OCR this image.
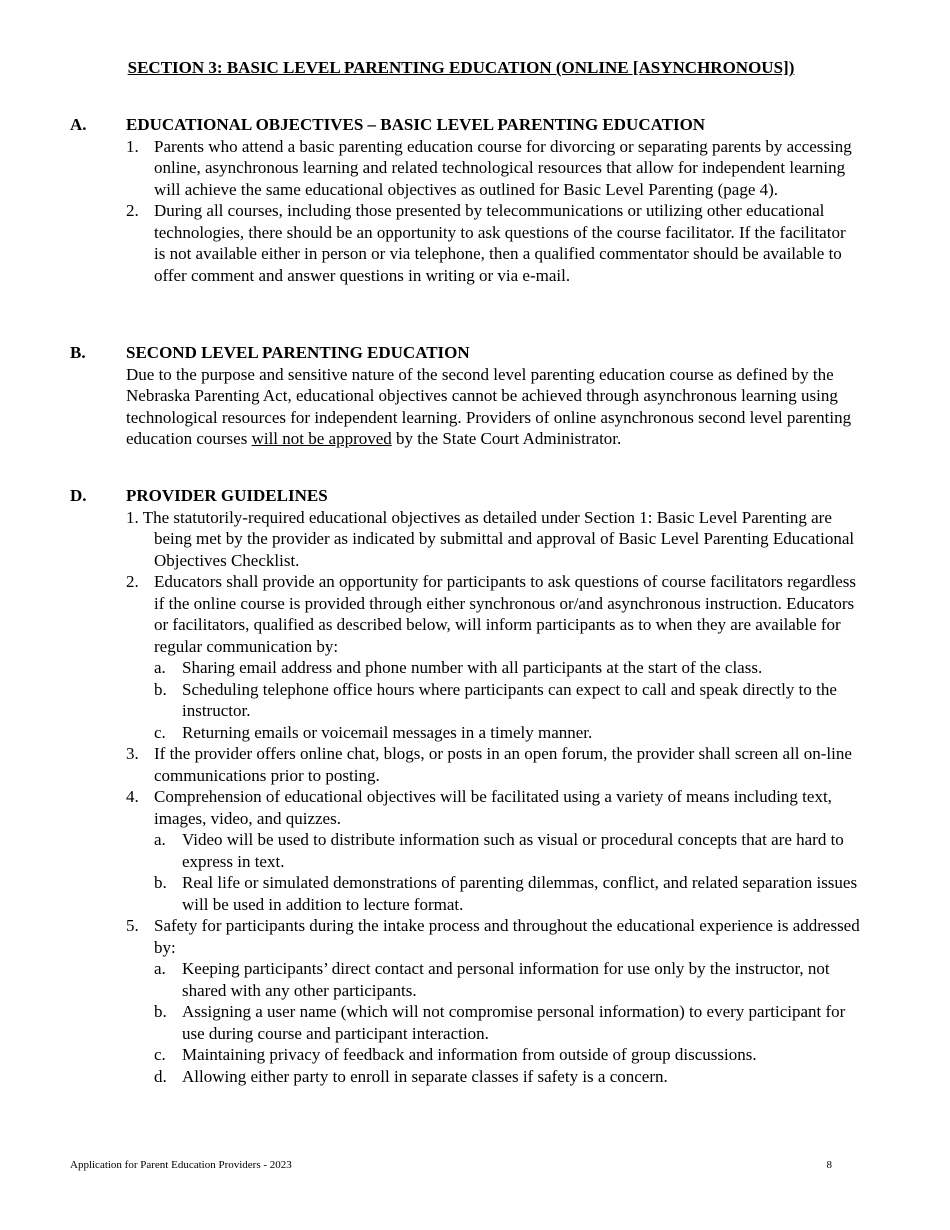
SECTION 3: BASIC LEVEL PARENTING EDUCATION (ONLINE [ASYNCHRONOUS])
A.	EDUCATIONAL OBJECTIVES – BASIC LEVEL PARENTING EDUCATION
1. Parents who attend a basic parenting education course for divorcing or separating parents by accessing online, asynchronous learning and related technological resources that allow for independent learning will achieve the same educational objectives as outlined for Basic Level Parenting (page 4).
2. During all courses, including those presented by telecommunications or utilizing other educational technologies, there should be an opportunity to ask questions of the course facilitator. If the facilitator is not available either in person or via telephone, then a qualified commentator should be available to offer comment and answer questions in writing or via e-mail.
B.	SECOND LEVEL PARENTING EDUCATION
Due to the purpose and sensitive nature of the second level parenting education course as defined by the Nebraska Parenting Act, educational objectives cannot be achieved through asynchronous learning using technological resources for independent learning. Providers of online asynchronous second level parenting education courses will not be approved by the State Court Administrator.
D.	PROVIDER GUIDELINES
1. The statutorily-required educational objectives as detailed under Section 1: Basic Level Parenting are being met by the provider as indicated by submittal and approval of Basic Level Parenting Educational Objectives Checklist.
2. Educators shall provide an opportunity for participants to ask questions of course facilitators regardless if the online course is provided through either synchronous or/and asynchronous instruction. Educators or facilitators, qualified as described below, will inform participants as to when they are available for regular communication by:
a. Sharing email address and phone number with all participants at the start of the class.
b. Scheduling telephone office hours where participants can expect to call and speak directly to the instructor.
c. Returning emails or voicemail messages in a timely manner.
3. If the provider offers online chat, blogs, or posts in an open forum, the provider shall screen all on-line communications prior to posting.
4. Comprehension of educational objectives will be facilitated using a variety of means including text, images, video, and quizzes.
a. Video will be used to distribute information such as visual or procedural concepts that are hard to express in text.
b. Real life or simulated demonstrations of parenting dilemmas, conflict, and related separation issues will be used in addition to lecture format.
5. Safety for participants during the intake process and throughout the educational experience is addressed by:
a. Keeping participants’ direct contact and personal information for use only by the instructor, not shared with any other participants.
b. Assigning a user name (which will not compromise personal information) to every participant for use during course and participant interaction.
c. Maintaining privacy of feedback and information from outside of group discussions.
d. Allowing either party to enroll in separate classes if safety is a concern.
Application for Parent Education Providers - 2023	8
